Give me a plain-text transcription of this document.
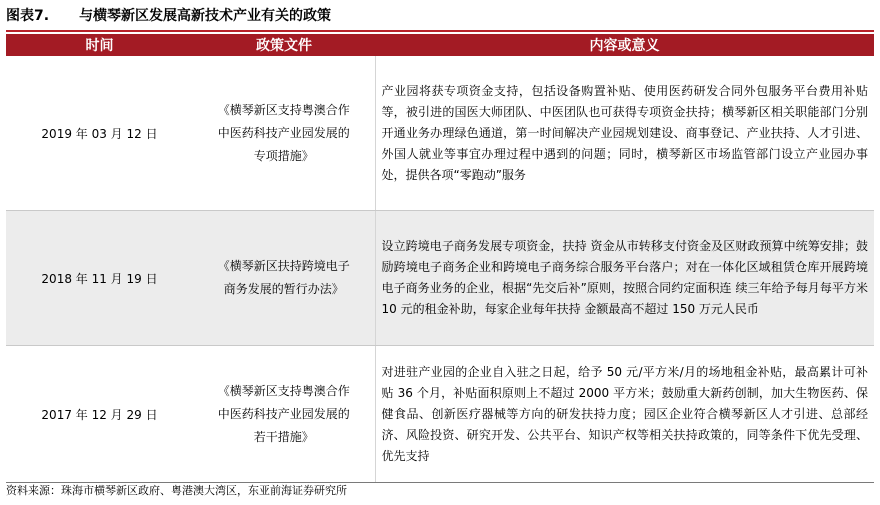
图表7. 与横琴新区发展高新技术产业有关的政策
时间	政策文件	内容或意义
2019 年 03 月 12 日	《横琴新区支持粤澳合作
中医药科技产业园发展的
专项措施》	产业园将获专项资金支持，包括设备购置补贴、使用医药研发合同外包服务平台费用补贴等，被引进的国医大师团队、中医团队也可获得专项资金扶持；横琴新区相关职能部门分别开通业务办理绿色通道，第一时间解决产业园规划建设、商事登记、产业扶持、人才引进、外国人就业等事宜办理过程中遇到的问题；同时，横琴新区市场监管部门设立产业园办事处，提供各项“零跑动”服务
2018 年 11 月 19 日	《横琴新区扶持跨境电子
商务发展的暂行办法》	设立跨境电子商务发展专项资金，扶持 资金从市转移支付资金及区财政预算中统筹安排；鼓励跨境电子商务企业和跨境电子商务综合服务平台落户；对在一体化区域租赁仓库开展跨境电子商务业务的企业，根据“先交后补”原则，按照合同约定面积连 续三年给予每月每平方米 10 元的租金补助，每家企业每年扶持 金额最高不超过 150 万元人民币
2017 年 12 月 29 日	《横琴新区支持粤澳合作
中医药科技产业园发展的
若干措施》	对进驻产业园的企业自入驻之日起，给予 50 元/平方米/月的场地租金补贴，最高累计可补贴 36 个月，补贴面积原则上不超过 2000 平方米；鼓励重大新药创制，加大生物医药、保健食品、创新医疗器械等方向的研发扶持力度；园区企业符合横琴新区人才引进、总部经济、风险投资、研究开发、公共平台、知识产权等相关扶持政策的，同等条件下优先受理、优先支持
资料来源：珠海市横琴新区政府、粤港澳大湾区，东亚前海证券研究所
